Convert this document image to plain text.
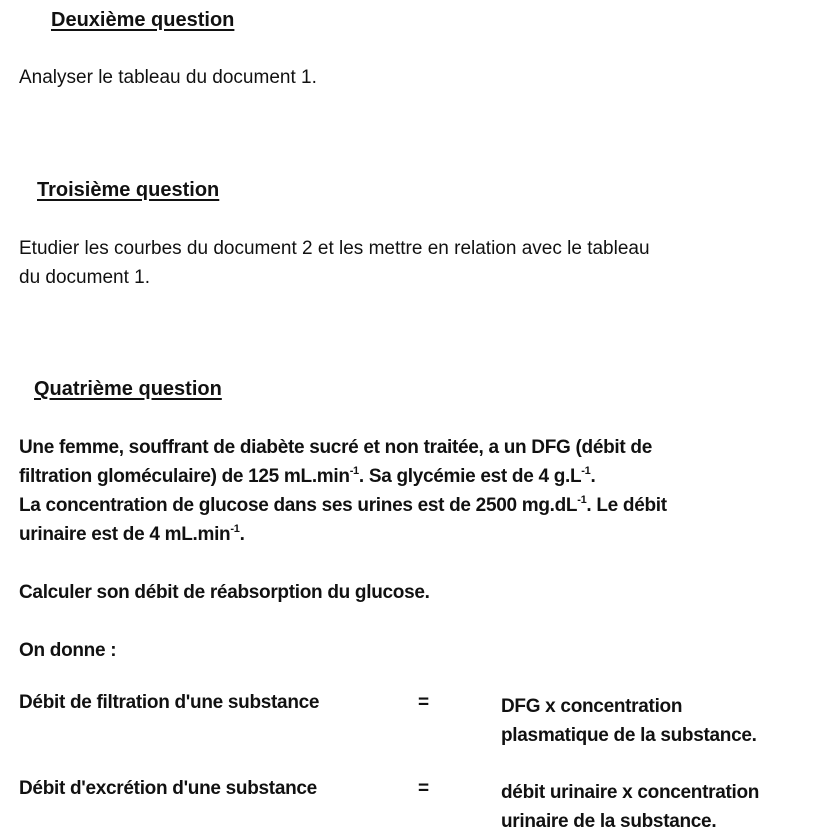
Deuxième question

Analyser le tableau du document 1.

Troisième question

Etudier les courbes du document 2 et les mettre en relation avec le tableau
du document 1.

Quatrième question

Une femme, souffrant de diabète sucré et non traitée, a un DFG (débit de
filtration gloméculaire) de 125 $mL.\min^{-1}$. Sa glycémie est de 4 $g.L^{-1}$.
La concentration de glucose dans ses urines est de 2500 $mg.dL^{-1}$. Le débit
urinaire est de 4 $mL.\min^{-1}$.

Calculer son débit de réabsorption du glucose.

On donne :

Débit de filtration d'une substance	=	DFG x concentration
plasmatique de la substance.
Débit d'excrétion d'une substance	=	débit urinaire x concentration
urinaire de la substance.
